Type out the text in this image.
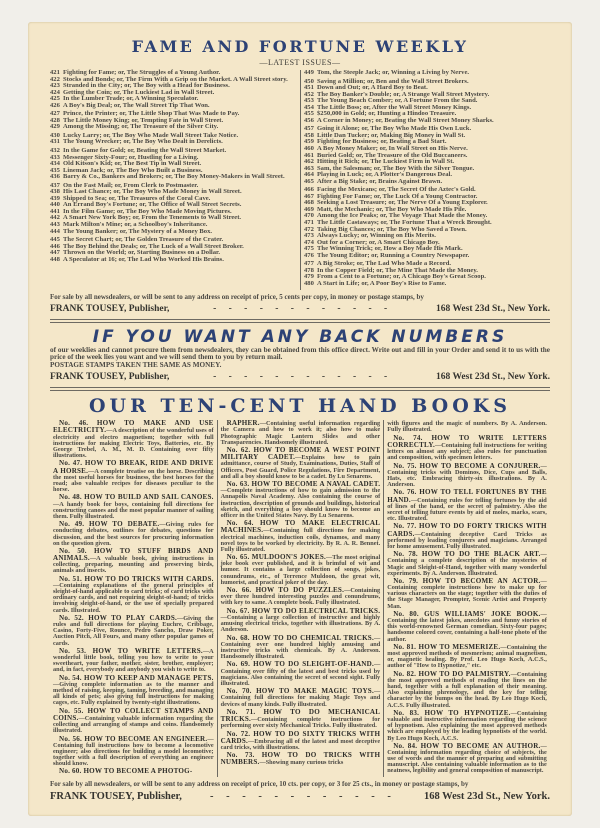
FAME AND FORTUNE WEEKLY
—LATEST ISSUES—
421 Fighting for Fame; or, The Struggles of a Young Author.
422 Stocks and Bonds; or, The Firm With a Grip on the Market. A Wall Street story.
423 Stranded in the City; or, The Boy with a Head for Business.
424 Getting the Coin; or, The Luckiest Lad in Wall Street.
425 In the Lumber Trade; or, A Winning Speculator.
426 A Boy's Big Deal; or, The Wall Street Tip That Won.
427 Prince, the Printer; or, The Little Shop That Was Made to Pay.
428 The Little Money King; or, Tempting Fate in Wall Street.
429 Among the Missing; or, The Treasure of the Silver City.
430 Lucky Larry; or, The Boy Who Made Wall Street Take Notice.
431 The Young Wrecker; or, The Boy Who Dealt in Derelicts.
432 In the Game for Gold; or, Beating the Wall Street Market.
433 Messenger Sixty-Four; or, Hustling for a Living.
434 Old Kitson's Kid; or, The Best Tip in Wall Street.
435 Lineman Jack; or, The Boy Who Built a Business.
436 Barry & Co., Bankers and Brokers; or, The Boy Money-Makers in Wall Street.
437 On the Fast Mail; or, From Clerk to Postmaster.
438 His Last Chance; or, The Boy Who Made Money in Wall Street.
439 Shipped to Sea; or, The Treasures of the Coral Cave.
440 An Errand Boy's Fortune; or, The Office of Wall Street Secrets.
441 In the Film Game; or, The Boy Who Made Moving Pictures.
442 A Smart New York Boy; or, From the Tenements to Wall Street.
443 Mark Milton's Mine; or, a Schoolboy's Inheritance.
444 The Young Banker; or, The Mystery of a Money Box.
445 The Secret Chart; or, The Golden Treasure of the Crater.
446 The Boy Behind the Deals; or, The Luck of a Wall Street Broker.
447 Thrown on the World; or, Starting Business on a Dollar.
448 A Speculator at 16; or, The Lad Who Worked His Brains.
449 Tom, the Steeple Jack; or, Winning a Living by Nerve.
450 Saving a Million; or, Ben and the Wall Street Brokers.
451 Down and Out; or, A Hard Boy to Beat.
452 The Boy Banker's Double; or, A Strange Wall Street Mystery.
453 The Young Beach Comber; or, A Fortune From the Sand.
454 The Little Boss; or, After the Wall Street Money Kings.
455 $250,000 in Gold; or, Hunting a Hindoo Treasure.
456 A Corner in Money; or, Beating the Wall Street Money Sharks.
457 Going it Alone; or, The Boy Who Made His Own Luck.
458 Little Dan Tucker; or, Making Big Money in Wall St.
459 Fighting for Business; or, Beating a Bad Start.
460 A Boy Money Maker; or, In Wall Street on His Nerve.
461 Buried Gold; or, The Treasure of the Old Buccaneers.
462 Hitting it Rich; or, The Luckiest Firm in Wall St.
463 Sam, the Salesman; or, The Boy With the Silver Tongue.
464 Playing in Luck; or, A Plotter's Dangerous Deal.
465 After a Big Stake; or, Brains Against Brawn.
466 Facing the Mexicans; or, The Secret Of the Aztec's Gold.
467 Fighting For Fame; or, The Luck Of a Young Contractor.
468 Seeking a Lost Treasure; or, The Nerve Of a Young Explorer.
469 Matt, the Mechanic; or, The Boy Who Made His Pile.
470 Among the Ice Peaks; or, The Voyage That Made the Money.
471 The Little Castaways; or, The Fortune That a Wreck Brought.
472 Taking Big Chances; or, The Boy Who Saved a Town.
473 Always Lucky; or, Winning on His Merits.
474 Out for a Corner; or, A Smart Chicago Boy.
475 The Winning Trick; or, How a Boy Made His Mark.
476 The Young Editor; or, Running a Country Newspaper.
477 A Big Stroke; or, The Lad Who Made a Record.
478 In the Copper Field; or, The Mine That Made the Money.
479 From a Cent to a Fortune; or, A Chicago Boy's Great Scoop.
480 A Start in Life; or, A Poor Boy's Rise to Fame.
For sale by all newsdealers, or will be sent to any address on receipt of price, 5 cents per copy, in money or postage stamps, by
FRANK TOUSEY, Publisher,	- - - - - - - - - - - -	168 West 23d St., New York.
IF YOU WANT ANY BACK NUMBERS
of our weeklies and cannot procure them from newsdealers, they can be obtained from this office direct. Write out and fill in your Order and send it to us with the price of the week lies you want and we will send them to you by return mail.
POSTAGE STAMPS TAKEN THE SAME AS MONEY.
FRANK TOUSEY, Publisher,	- - - - - - - - - - - -	168 West 23d St., New York.
OUR TEN-CENT HAND BOOKS

No. 46. HOW TO MAKE AND USE ELECTRICITY.—A description of the wonderful uses of electricity and electro magnetism; together with full instructions for making Electric Toys, Batteries, etc. By George Trebel, A. M., M. D. Containing over fifty illustrations.

No. 47. HOW TO BREAK, RIDE AND DRIVE A HORSE.—A complete treatise on the horse. Describing the most useful horses for business, the best horses for the road; also valuable recipes for diseases peculiar to the horse.

No. 48. HOW TO BUILD AND SAIL CANOES.—A handy book for boys, containing full directions for constructing canoes and the most popular manner of sailing them. Fully illustrated.

No. 49. HOW TO DEBATE.—Giving rules for conducting debates, outlines for debates, questions for discussion, and the best sources for procuring information on the question given.

No. 50. HOW TO STUFF BIRDS AND ANIMALS.—A valuable book, giving instructions in collecting, preparing, mounting and preserving birds, animals and insects.

No. 51. HOW TO DO TRICKS WITH CARDS.—Containing explanations of the general principles of sleight-of-hand applicable to card tricks; of card tricks with ordinary cards, and not requiring sleight-of-hand; of tricks involving sleight-of-hand, or the use of specially prepared cards. Illustrated.

No. 52. HOW TO PLAY CARDS.—Giving the rules and full directions for playing Euchre, Cribbage, Casino, Forty-Five, Rounce, Pedro Sancho, Draw Poker, Auction Pitch, All Fours, and many other popular games of cards.

No. 53. HOW TO WRITE LETTERS.—A wonderful little book, telling you how to write to your sweetheart, your father, mother, sister, brother, employer; and, in fact, everybody and anybody you wish to write to.

No. 54. HOW TO KEEP AND MANAGE PETS.—Giving complete information as to the manner and method of raising, keeping, taming, breeding, and managing all kinds of pets; also giving full instructions for making cages, etc. Fully explained by twenty-eight illustrations.

No. 55. HOW TO COLLECT STAMPS AND COINS.—Containing valuable information regarding the collecting and arranging of stamps and coins. Handsomely illustrated.

No. 56. HOW TO BECOME AN ENGINEER.—Containing full instructions how to become a locomotive engineer; also directions for building a model locomotive; together with a full description of everything an engineer should know.

No. 60. HOW TO BECOME A PHOTOG-

RAPHER.—Containing useful information regarding the Camera and how to work it; also how to make Photographic Magic Lantern Slides and other Transparencies. Handsomely illustrated.

No. 62. HOW TO BECOME A WEST POINT MILITARY CADET.—Explains how to gain admittance, course of Study, Examinations, Duties, Staff of Officers, Post Guard, Police Regulations, Fire Department, and all a boy should know to be a cadet. By Lu Senarens.

No. 63. HOW TO BECOME A NAVAL CADET.—Complete instructions of how to gain admission to the Annapolis Naval Academy. Also containing the course of instruction, description of grounds and buildings, historical sketch, and everything a boy should know to become an officer in the United States Navy. By Lu Senarens.

No. 64. HOW TO MAKE ELECTRICAL MACHINES.—Containing full directions for making electrical machines, induction coils, dynamos, and many novel toys to be worked by electricity. By R. A. R. Bennet. Fully illustrated.

No. 65. MULDOON'S JOKES.—The most original joke book ever published, and it is brimful of wit and humor. It contains a large collection of songs, jokes, conundrums, etc., of Terrence Muldoon, the great wit, humorist, and practical joker of the day.

No. 66. HOW TO DO PUZZLES.—Containing over three hundred interesting puzzles and conundrums, with key to same. A complete book. Fully illustrated.

No. 67. HOW TO DO ELECTRICAL TRICKS.—Containing a large collection of instructive and highly amusing electrical tricks, together with illustrations. By A. Anderson.

No. 68. HOW TO DO CHEMICAL TRICKS.—Containing over one hundred highly amusing and instructive tricks with chemicals. By A. Anderson. Handsomely illustrated.

No. 69. HOW TO DO SLEIGHT-OF-HAND.—Containing over fifty of the latest and best tricks used by magicians. Also containing the secret of second sight. Fully illustrated.

No. 70. HOW TO MAKE MAGIC TOYS.—Containing full directions for making Magic Toys and devices of many kinds. Fully illustrated.

No. 71. HOW TO DO MECHANICAL TRICKS.—Containing complete instructions for performing over sixty Mechanical Tricks. Fully illustrated.

No. 72. HOW TO DO SIXTY TRICKS WITH CARDS.—Embracing all of the latest and most deceptive card tricks, with illustrations.

No. 73. HOW TO DO TRICKS WITH NUMBERS.—Showing many curious tricks

with figures and the magic of numbers. By A. Anderson. Fully illustrated.

No. 74. HOW TO WRITE LETTERS CORRECTLY.—Containing full instructions for writing letters on almost any subject; also rules for punctuation and composition, with specimen letters.

No. 75. HOW TO BECOME A CONJURER.—Containing tricks with Dominos, Dice, Cups and Balls, Hats, etc. Embracing thirty-six illustrations. By A. Anderson.

No. 76. HOW TO TELL FORTUNES BY THE HAND.—Containing rules for telling fortunes by the aid of lines of the hand, or the secret of palmistry. Also the secret of telling future events by aid of moles, marks, scars, etc. Illustrated.

No. 77. HOW TO DO FORTY TRICKS WITH CARDS.—Containing deceptive Card Tricks as performed by leading conjurers and magicians. Arranged for home amusement. Fully illustrated.

No. 78. HOW TO DO THE BLACK ART.—Containing a complete description of the mysteries of Magic and Sleight-of-Hand, together with many wonderful experiments. By A. Anderson. Illustrated.

No. 79. HOW TO BECOME AN ACTOR.—Containing complete instructions how to make up for various characters on the stage; together with the duties of the Stage Manager, Prompter, Scenic Artist and Property Man.

No. 80. GUS WILLIAMS' JOKE BOOK.—Containing the latest jokes, anecdotes and funny stories of this world-renowned German comedian. Sixty-four pages; handsome colored cover, containing a half-tone photo of the author.

No. 81. HOW TO MESMERIZE.—Containing the most approved methods of mesmerism; animal magnetism, or, magnetic healing. By Prof. Leo Hugo Koch, A.C.S., author of "How to Hypnotize," etc.

No. 82. HOW TO DO PALMISTRY.—Containing the most approved methods of reading the lines on the hand, together with a full explanation of their meaning. Also explaining phrenology, and the key for telling character by the bumps on the head. By Leo Hugo Koch, A.C.S. Fully illustrated.

No. 83. HOW TO HYPNOTIZE.—Containing valuable and instructive information regarding the science of hypnotism. Also explaining the most approved methods which are employed by the leading hypnotists of the world. By Leo Hugo Koch, A.C.S.

No. 84. HOW TO BECOME AN AUTHOR.—Containing information regarding choice of subjects, the use of words and the manner of preparing and submitting manuscript. Also containing valuable information as to the neatness, legibility and general composition of manuscript.

For sale by all newsdealers, or will be sent to any address on receipt of price, 10 cts. per copy, or 3 for 25 cts., in money or postage stamps, by
FRANK TOUSEY, Publisher,	- - - - - - - - - - - -	168 West 23d St., New York.
